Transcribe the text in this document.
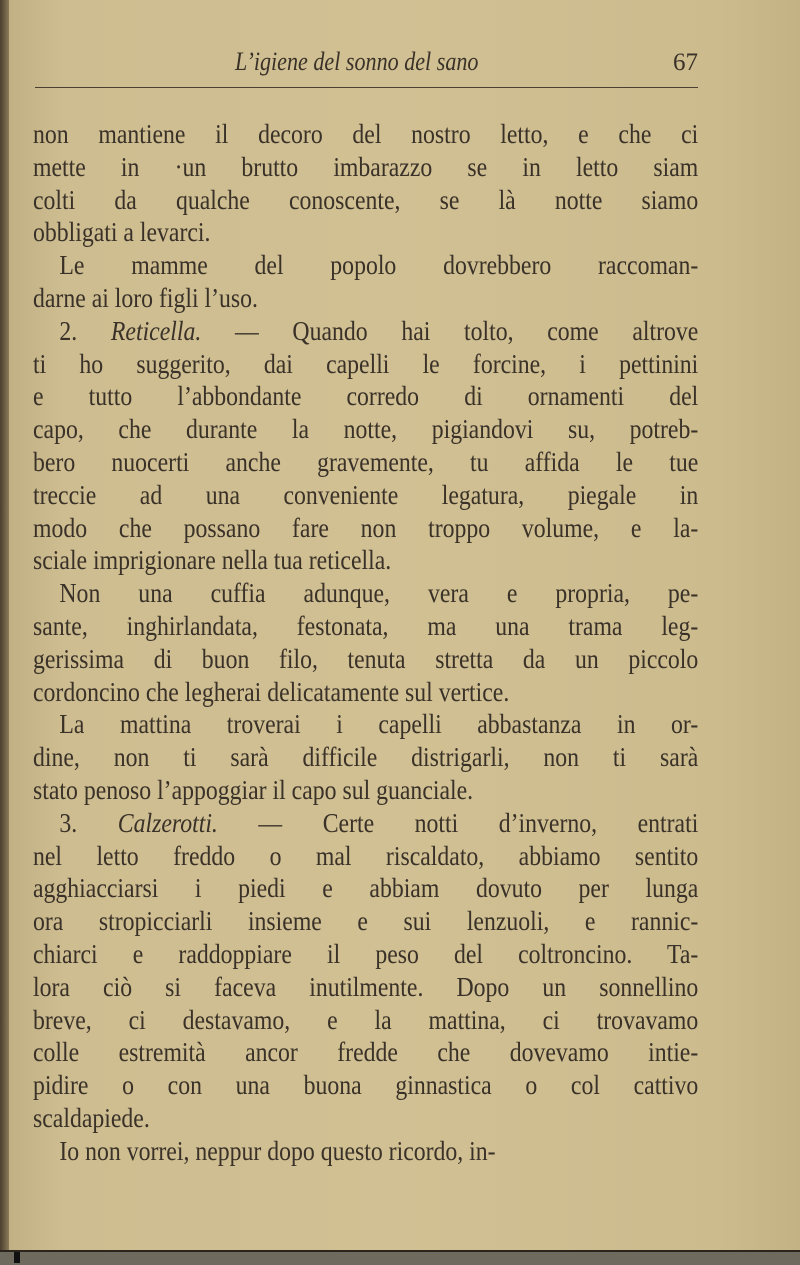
L’igiene del sonno del sano	67
non mantiene il decoro del nostro letto, e che ci
mette in ·un brutto imbarazzo se in letto siam
colti da qualche conoscente, se là notte siamo
obbligati a levarci.
Le mamme del popolo dovrebbero raccoman-
darne ai loro figli l’uso.
2. Reticella. — Quando hai tolto, come altrove
ti ho suggerito, dai capelli le forcine, i pettinini
e tutto l’abbondante corredo di ornamenti del
capo, che durante la notte, pigiandovi su, potreb-
bero nuocerti anche gravemente, tu affida le tue
treccie ad una conveniente legatura, piegale in
modo che possano fare non troppo volume, e la-
sciale imprigionare nella tua reticella.
Non una cuffia adunque, vera e propria, pe-
sante, inghirlandata, festonata, ma una trama leg-
gerissima di buon filo, tenuta stretta da un piccolo
cordoncino che legherai delicatamente sul vertice.
La mattina troverai i capelli abbastanza in or-
dine, non ti sarà difficile distrigarli, non ti sarà
stato penoso l’appoggiar il capo sul guanciale.
3. Calzerotti. — Certe notti d’inverno, entrati
nel letto freddo o mal riscaldato, abbiamo sentito
agghiacciarsi i piedi e abbiam dovuto per lunga
ora stropicciarli insieme e sui lenzuoli, e rannic-
chiarci e raddoppiare il peso del coltroncino. Ta-
lora ciò si faceva inutilmente. Dopo un sonnellino
breve, ci destavamo, e la mattina, ci trovavamo
colle estremità ancor fredde che dovevamo intie-
pidire o con una buona ginnastica o col cattivo
scaldapiede.
Io non vorrei, neppur dopo questo ricordo, in-
